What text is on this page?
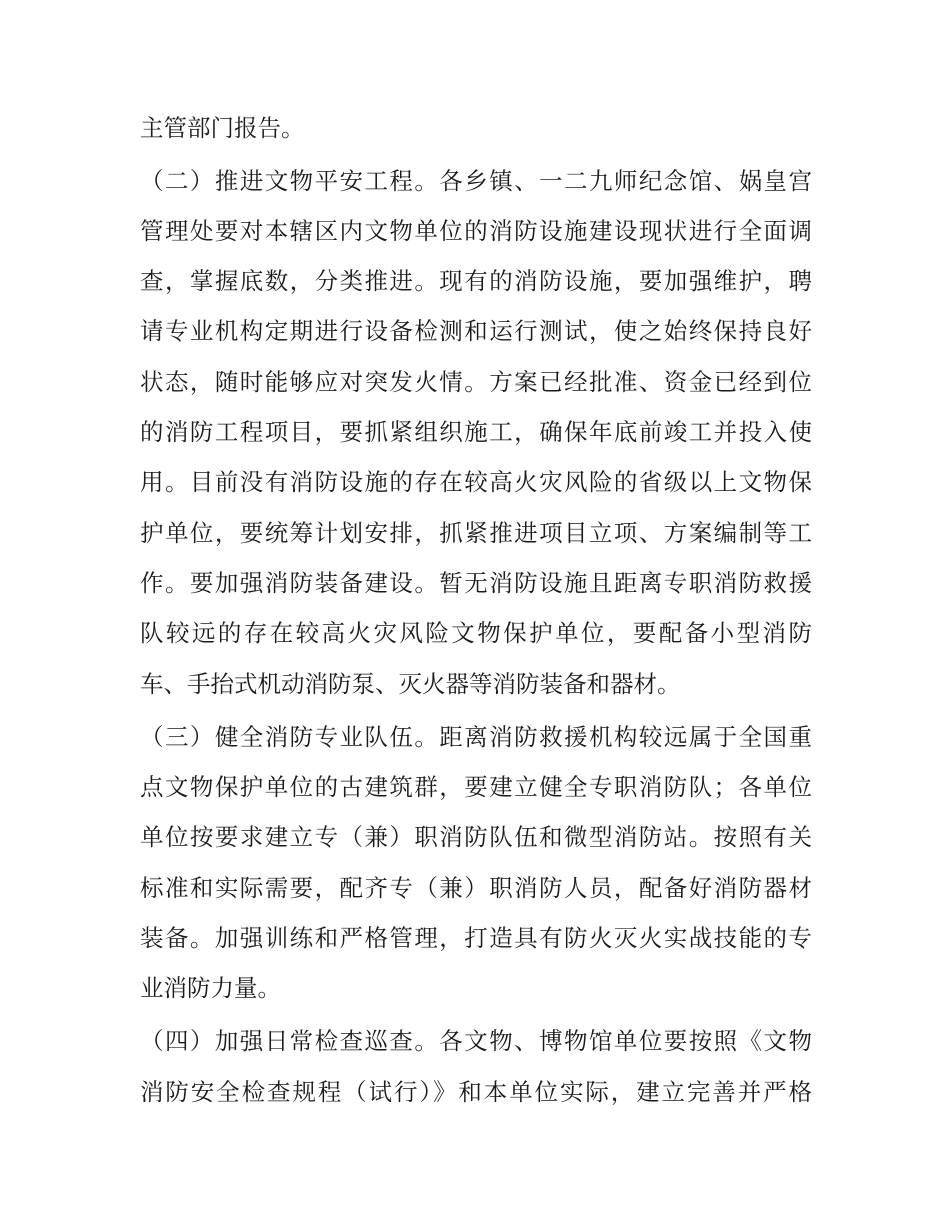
主管部门报告。
（二）推进文物平安工程。各乡镇、一二九师纪念馆、娲皇宫
管理处要对本辖区内文物单位的消防设施建设现状进行全面调
查，掌握底数，分类推进。现有的消防设施，要加强维护，聘
请专业机构定期进行设备检测和运行测试，使之始终保持良好
状态，随时能够应对突发火情。方案已经批准、资金已经到位
的消防工程项目，要抓紧组织施工，确保年底前竣工并投入使
用。目前没有消防设施的存在较高火灾风险的省级以上文物保
护单位，要统筹计划安排，抓紧推进项目立项、方案编制等工
作。要加强消防装备建设。暂无消防设施且距离专职消防救援
队较远的存在较高火灾风险文物保护单位，要配备小型消防
车、手抬式机动消防泵、灭火器等消防装备和器材。
（三）健全消防专业队伍。距离消防救援机构较远属于全国重
点文物保护单位的古建筑群，要建立健全专职消防队；各单位
单位按要求建立专（兼）职消防队伍和微型消防站。按照有关
标准和实际需要，配齐专（兼）职消防人员，配备好消防器材
装备。加强训练和严格管理，打造具有防火灭火实战技能的专
业消防力量。
（四）加强日常检查巡查。各文物、博物馆单位要按照《文物
消防安全检查规程（试行）》和本单位实际，建立完善并严格
